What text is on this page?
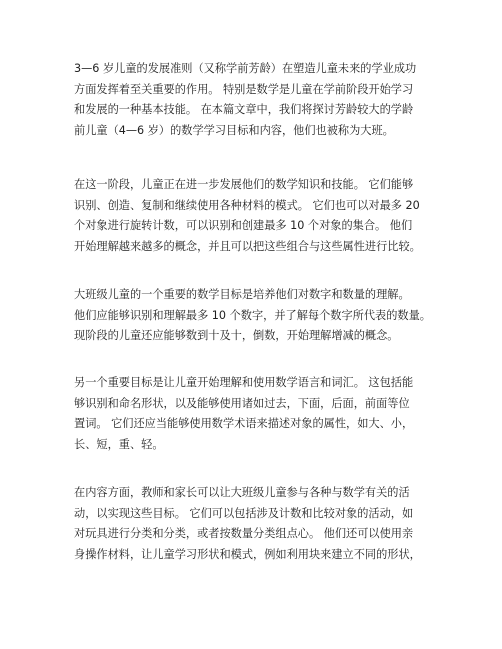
3—6 岁儿童的发展准则（又称学前芳龄）在塑造儿童未来的学业成功
方面发挥着至关重要的作用。 特别是数学是儿童在学前阶段开始学习
和发展的一种基本技能。 在本篇文章中，我们将探讨芳龄较大的学龄
前儿童（4—6 岁）的数学学习目标和内容，他们也被称为大班。
在这一阶段，儿童正在进一步发展他们的数学知识和技能。 它们能够
识别、创造、复制和继续使用各种材料的模式。 它们也可以对最多 20
个对象进行旋转计数，可以识别和创建最多 10 个对象的集合。 他们
开始理解越来越多的概念，并且可以把这些组合与这些属性进行比较。
大班级儿童的一个重要的数学目标是培养他们对数字和数量的理解。
他们应能够识别和理解最多 10 个数字，并了解每个数字所代表的数量。
现阶段的儿童还应能够数到十及十，倒数，开始理解增减的概念。
另一个重要目标是让儿童开始理解和使用数学语言和词汇。 这包括能
够识别和命名形状，以及能够使用诸如过去，下面，后面，前面等位
置词。 它们还应当能够使用数学术语来描述对象的属性，如大、小，
长、短，重、轻。
在内容方面，教师和家长可以让大班级儿童参与各种与数学有关的活
动，以实现这些目标。 它们可以包括涉及计数和比较对象的活动，如
对玩具进行分类和分类，或者按数量分类组点心。 他们还可以使用亲
身操作材料，让儿童学习形状和模式，例如利用块来建立不同的形状，
